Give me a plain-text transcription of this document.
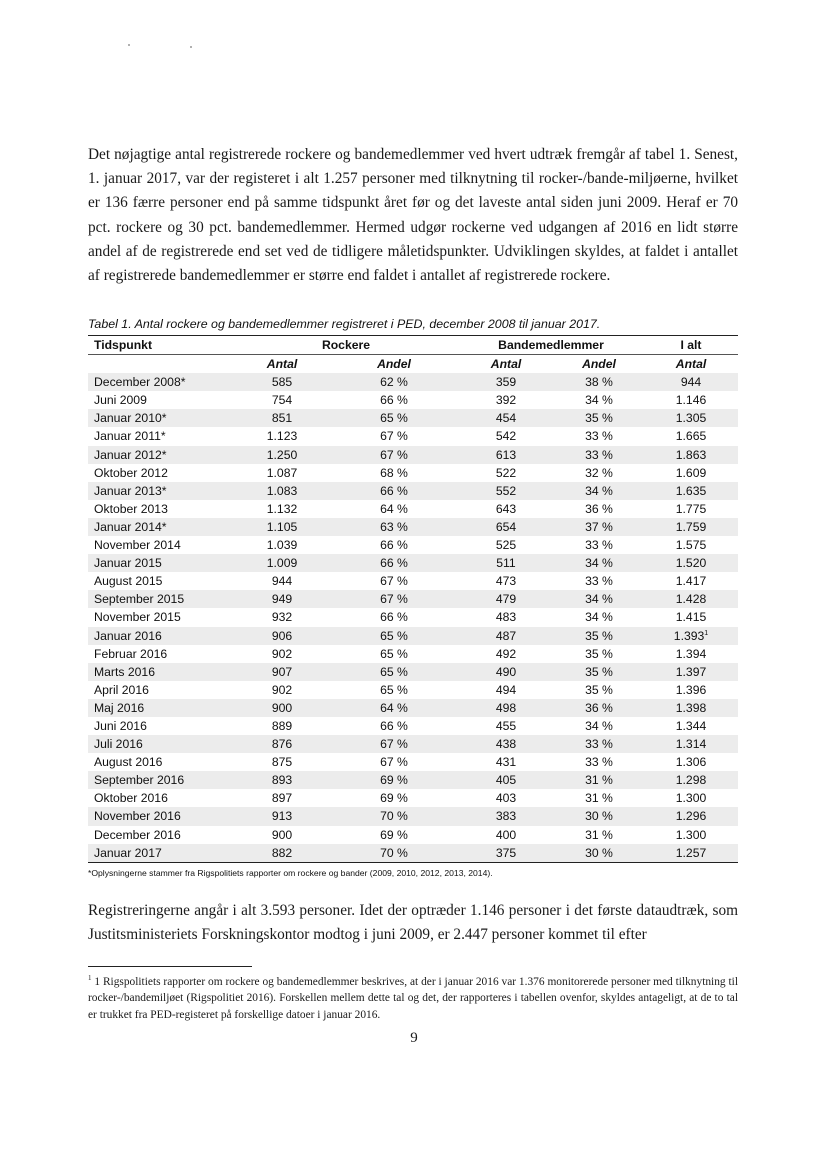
Det nøjagtige antal registrerede rockere og bandemedlemmer ved hvert udtræk fremgår af tabel 1. Senest, 1. januar 2017, var der registeret i alt 1.257 personer med tilknytning til rocker-/bande-miljøerne, hvilket er 136 færre personer end på samme tidspunkt året før og det laveste antal siden juni 2009. Heraf er 70 pct. rockere og 30 pct. bandemedlemmer. Hermed udgør rockerne ved udgangen af 2016 en lidt større andel af de registrerede end set ved de tidligere måletidspunkter. Udviklingen skyldes, at faldet i antallet af registrerede bandemedlemmer er større end faldet i antallet af registrerede rockere.
Tabel 1. Antal rockere og bandemedlemmer registreret i PED, december 2008 til januar 2017.
Tidspunkt	Rockere		Bandemedlemmer		I alt
	Antal	Andel	Antal	Andel	Antal
December 2008*	585	62 %	359	38 %	944
Juni 2009	754	66 %	392	34 %	1.146
Januar 2010*	851	65 %	454	35 %	1.305
Januar 2011*	1.123	67 %	542	33 %	1.665
Januar 2012*	1.250	67 %	613	33 %	1.863
Oktober 2012	1.087	68 %	522	32 %	1.609
Januar 2013*	1.083	66 %	552	34 %	1.635
Oktober 2013	1.132	64 %	643	36 %	1.775
Januar 2014*	1.105	63 %	654	37 %	1.759
November 2014	1.039	66 %	525	33 %	1.575
Januar 2015	1.009	66 %	511	34 %	1.520
August 2015	944	67 %	473	33 %	1.417
September 2015	949	67 %	479	34 %	1.428
November 2015	932	66 %	483	34 %	1.415
Januar 2016	906	65 %	487	35 %	1.393$^1$
Februar 2016	902	65 %	492	35 %	1.394
Marts 2016	907	65 %	490	35 %	1.397
April 2016	902	65 %	494	35 %	1.396
Maj 2016	900	64 %	498	36 %	1.398
Juni 2016	889	66 %	455	34 %	1.344
Juli 2016	876	67 %	438	33 %	1.314
August 2016	875	67 %	431	33 %	1.306
September 2016	893	69 %	405	31 %	1.298
Oktober 2016	897	69 %	403	31 %	1.300
November 2016	913	70 %	383	30 %	1.296
December 2016	900	69 %	400	31 %	1.300
Januar 2017	882	70 %	375	30 %	1.257
*Oplysningerne stammer fra Rigspolitiets rapporter om rockere og bander (2009, 2010, 2012, 2013, 2014).
Registreringerne angår i alt 3.593 personer. Idet der optræder 1.146 personer i det første dataudtræk, som Justitsministeriets Forskningskontor modtog i juni 2009, er 2.447 personer kommet til efter
$^1$ 1 Rigspolitiets rapporter om rockere og bandemedlemmer beskrives, at der i januar 2016 var 1.376 monitorerede personer med tilknytning til rocker-/bandemiljøet (Rigspolitiet 2016). Forskellen mellem dette tal og det, der rapporteres i tabellen ovenfor, skyldes antageligt, at de to tal er trukket fra PED-registeret på forskellige datoer i januar 2016.
9
